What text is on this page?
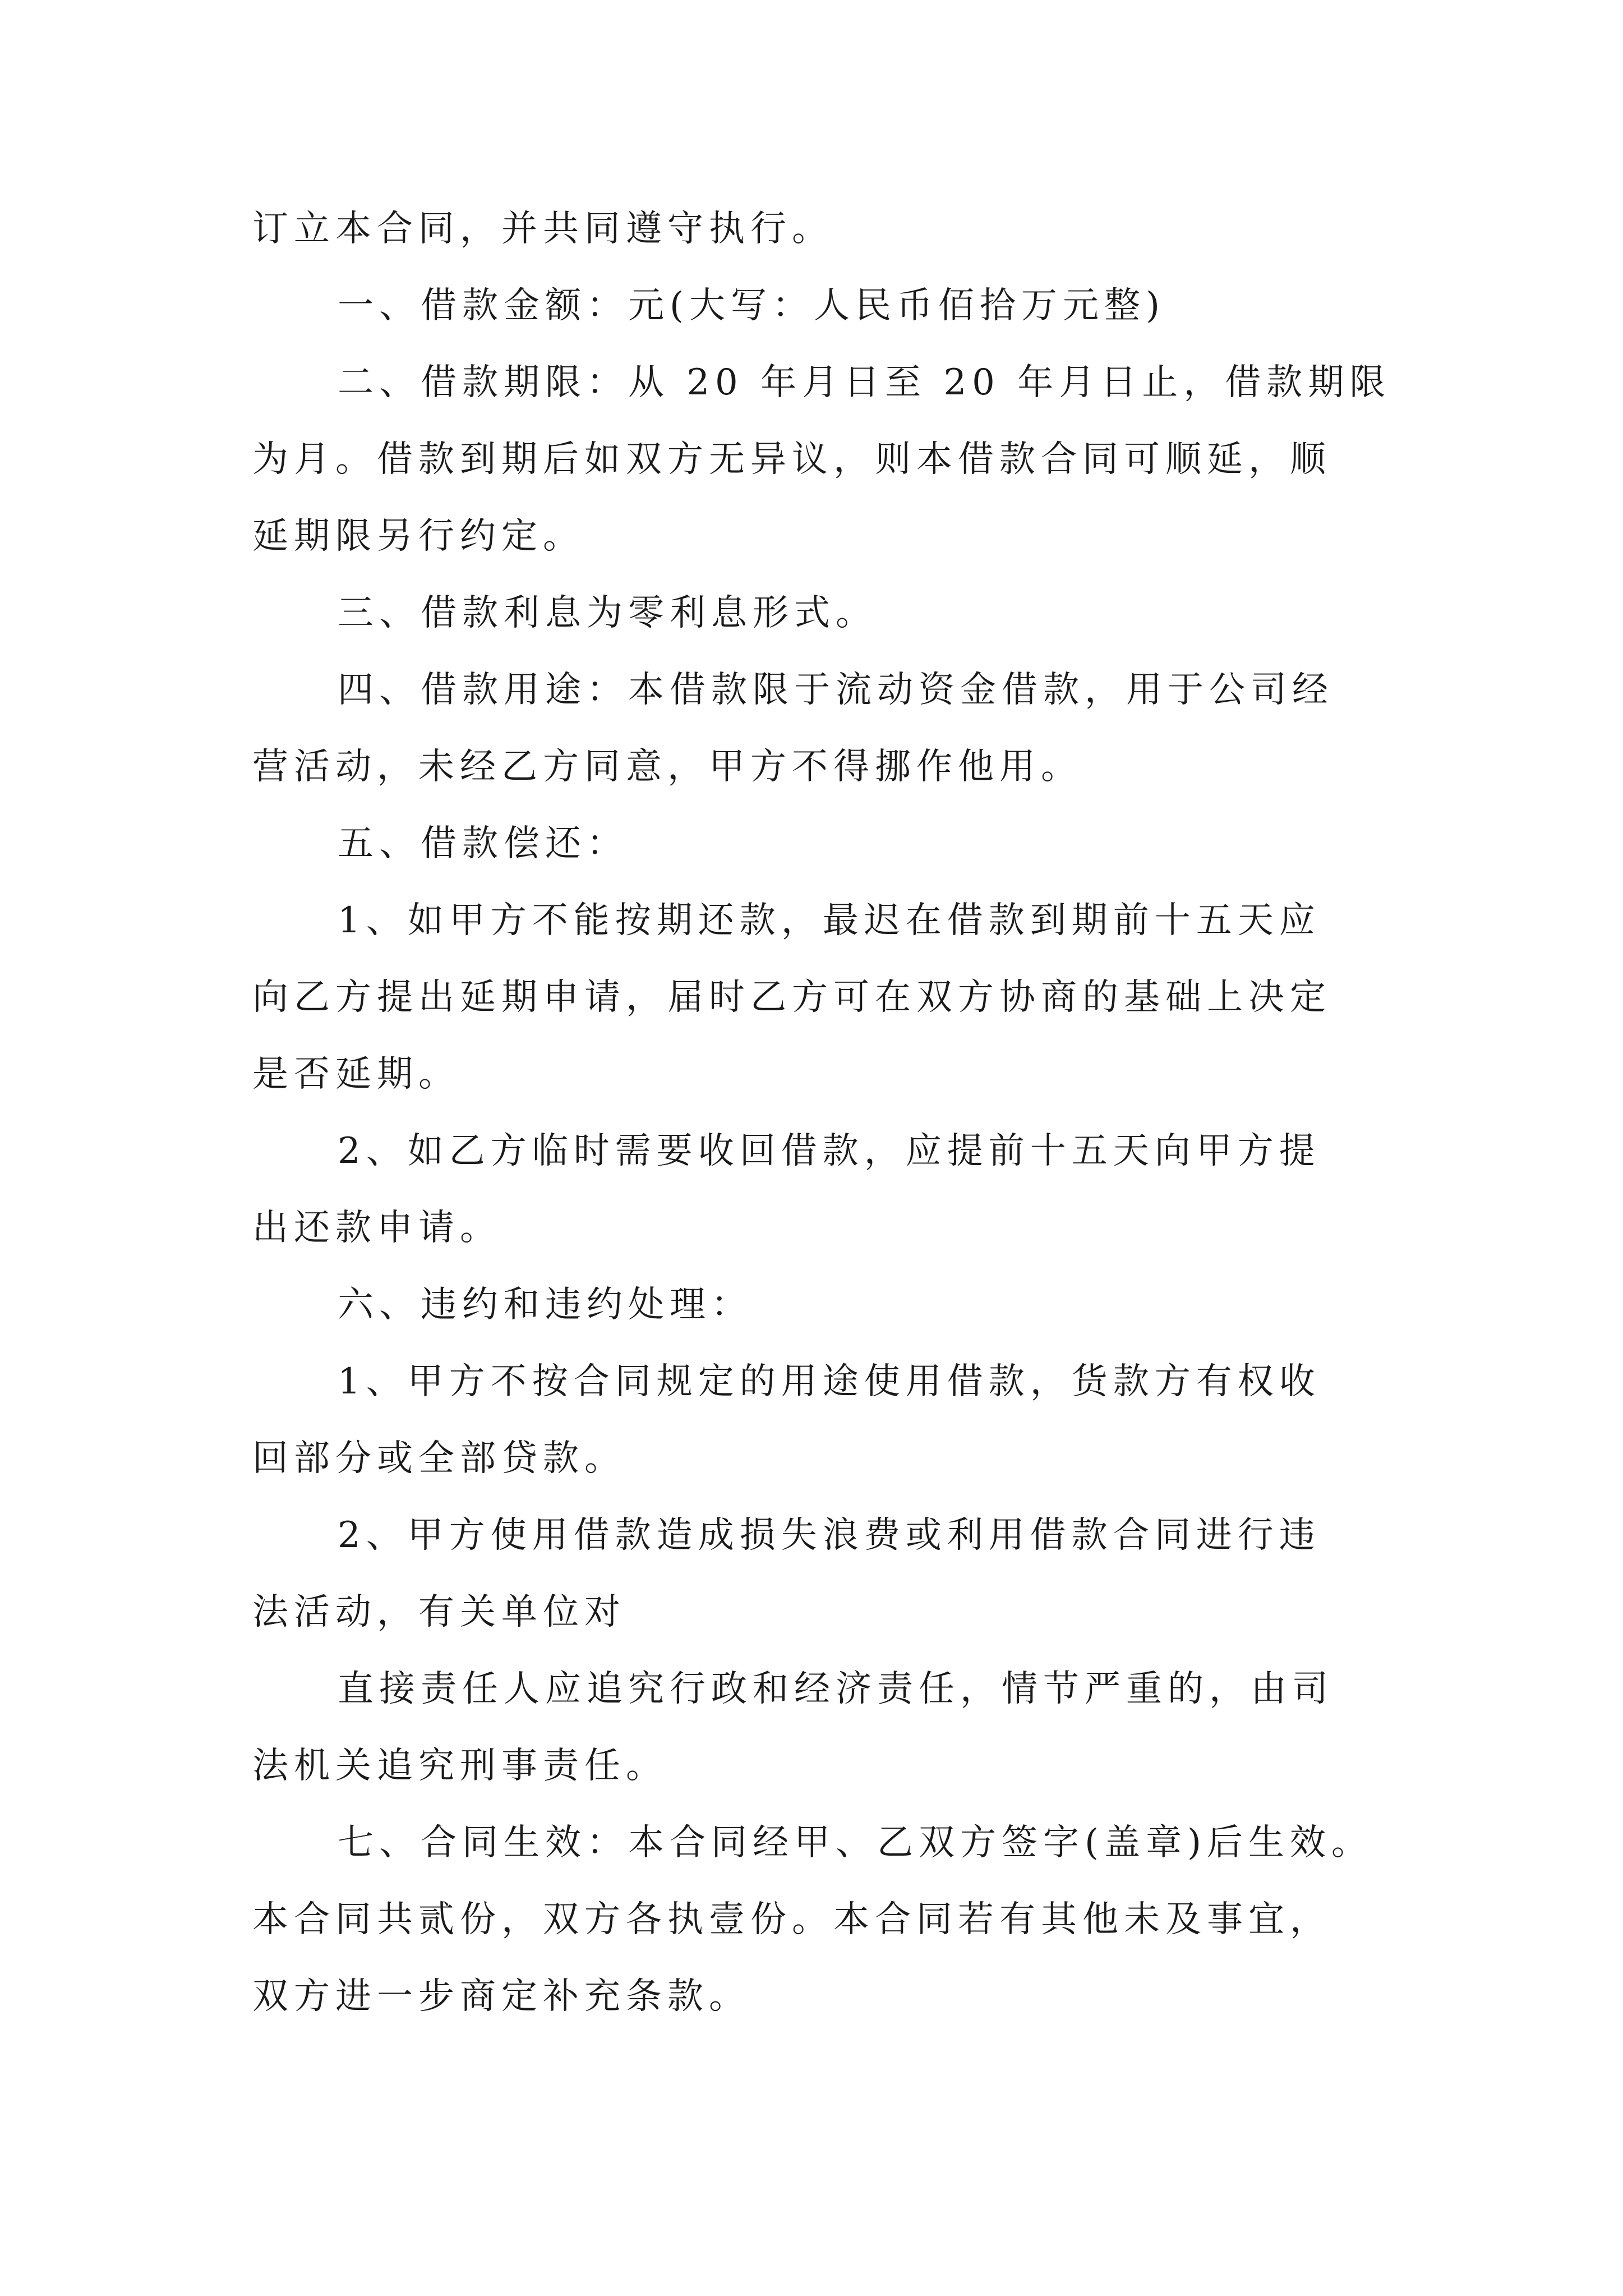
订立本合同，并共同遵守执行。
一、借款金额：元(大写：人民币佰拾万元整)
二、借款期限：从 20 年月日至 20 年月日止，借款期限
为月。借款到期后如双方无异议，则本借款合同可顺延，顺
延期限另行约定。
三、借款利息为零利息形式。
四、借款用途：本借款限于流动资金借款，用于公司经
营活动，未经乙方同意，甲方不得挪作他用。
五、借款偿还：
1、如甲方不能按期还款，最迟在借款到期前十五天应
向乙方提出延期申请，届时乙方可在双方协商的基础上决定
是否延期。
2、如乙方临时需要收回借款，应提前十五天向甲方提
出还款申请。
六、违约和违约处理：
1、甲方不按合同规定的用途使用借款，货款方有权收
回部分或全部贷款。
2、甲方使用借款造成损失浪费或利用借款合同进行违
法活动，有关单位对
直接责任人应追究行政和经济责任，情节严重的，由司
法机关追究刑事责任。
七、合同生效：本合同经甲、乙双方签字(盖章)后生效。
本合同共贰份，双方各执壹份。本合同若有其他未及事宜，
双方进一步商定补充条款。
